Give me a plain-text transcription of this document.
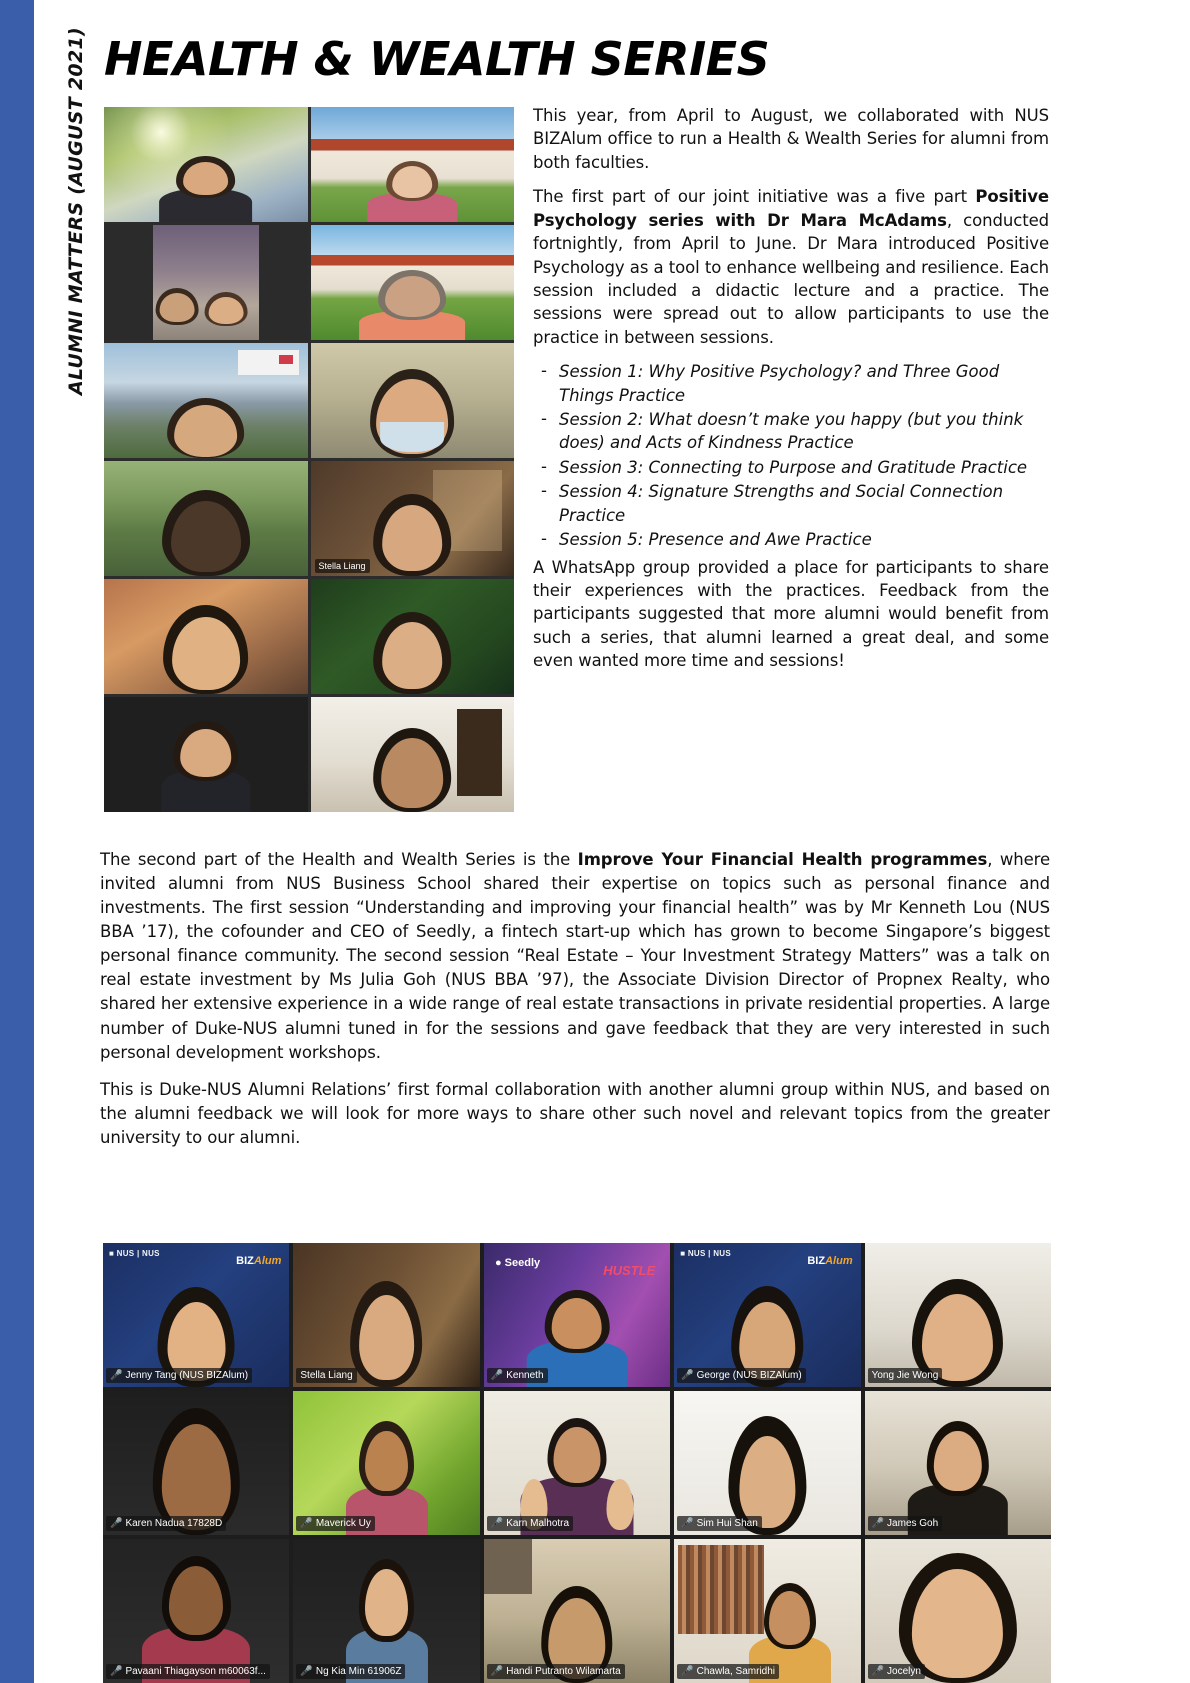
ALUMNI MATTERS (AUGUST 2021) HEALTH & WEALTH SERIES
Stella Liang

This year, from April to August, we collaborated with NUS BIZAlum office to run a Health & Wealth Series for alumni from both faculties.

The first part of our joint initiative was a five part Positive Psychology series with Dr Mara McAdams, conducted fortnightly, from April to June. Dr Mara introduced Positive Psychology as a tool to enhance wellbeing and resilience. Each session included a didactic lecture and a practice. The sessions were spread out to allow participants to use the practice in between sessions.

- Session 1: Why Positive Psychology? and Three Good Things Practice
- Session 2: What doesn’t make you happy (but you think does) and Acts of Kindness Practice
- Session 3: Connecting to Purpose and Gratitude Practice
- Session 4: Signature Strengths and Social Connection Practice
- Session 5: Presence and Awe Practice

A WhatsApp group provided a place for participants to share their experiences with the practices. Feedback from the participants suggested that more alumni would benefit from such a series, that alumni learned a great deal, and some even wanted more time and sessions!

The second part of the Health and Wealth Series is the Improve Your Financial Health programmes, where invited alumni from NUS Business School shared their expertise on topics such as personal finance and investments. The first session “Understanding and improving your financial health” was by Mr Kenneth Lou (NUS BBA ’17), the cofounder and CEO of Seedly, a fintech start-up which has grown to become Singapore’s biggest personal finance community. The second session “Real Estate – Your Investment Strategy Matters” was a talk on real estate investment by Ms Julia Goh (NUS BBA ’97), the Associate Division Director of Propnex Realty, who shared her extensive experience in a wide range of real estate transactions in private residential properties. A large number of Duke-NUS alumni tuned in for the sessions and gave feedback that they are very interested in such personal development workshops.

This is Duke-NUS Alumni Relations’ first formal collaboration with another alumni group within NUS, and based on the alumni feedback we will look for more ways to share other such novel and relevant topics from the greater university to our alumni.

■ NUS | NUS
BIZAlum
🎤 Jenny Tang (NUS BIZAlum)	Stella Liang
● Seedly	HUSTLE
🎤 Kenneth
■ NUS | NUS
BIZAlum
🎤 George (NUS BIZAlum)	Yong Jie Wong
🎤 Karen Nadua 17828D	🎤 Maverick Uy	🎤 Karn Malhotra	🎤 Sim Hui Shan	🎤 James Goh
🎤 Pavaani Thiagayson m60063f...	🎤 Ng Kia Min 61906Z	🎤 Handi Putranto Wilamarta	🎤 Chawla, Samridhi	🎤 Jocelyn
